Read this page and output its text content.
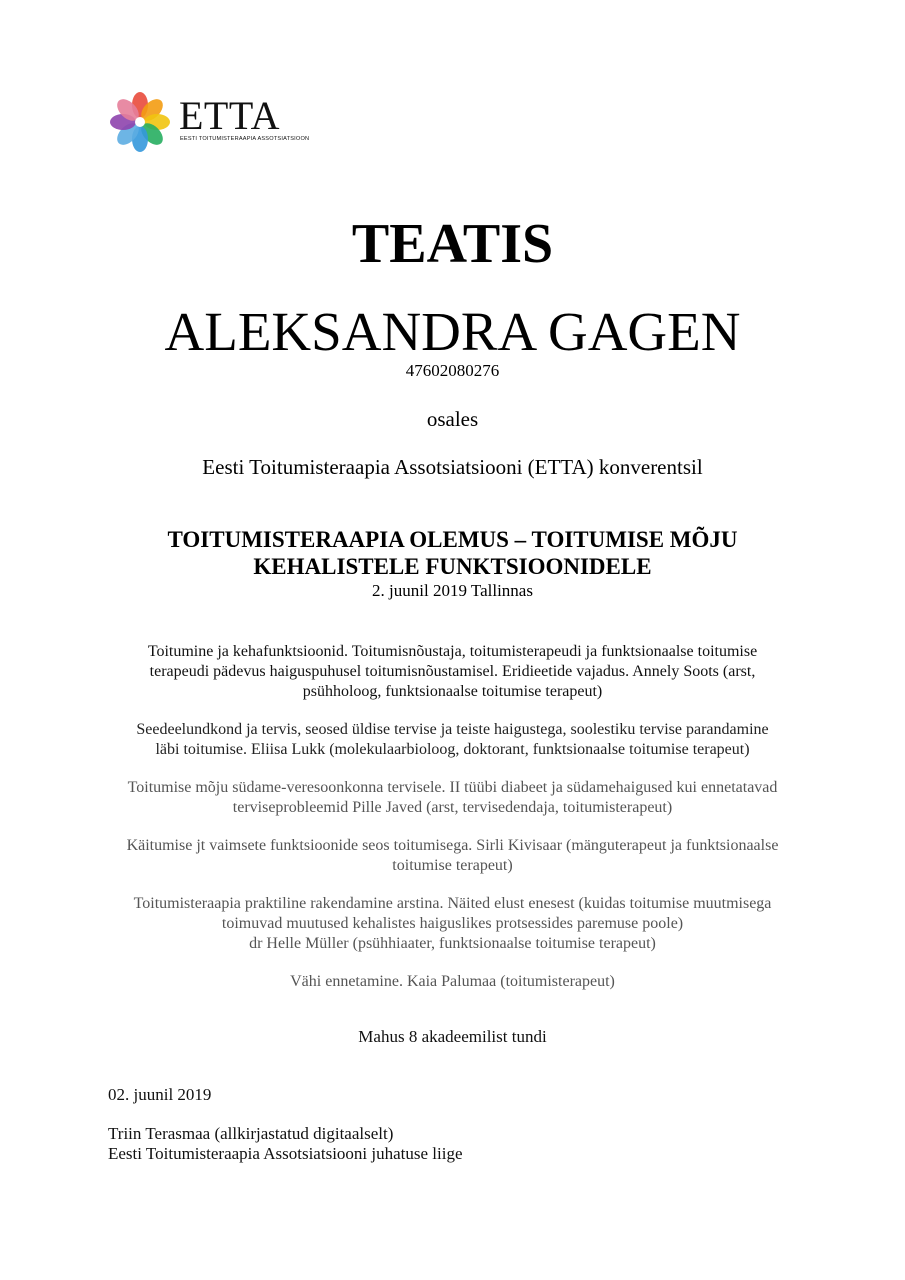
ETTA
EESTI TOITUMISTERAAPIA ASSOTSIATSIOON
TEATIS
ALEKSANDRA GAGEN
47602080276
osales
Eesti Toitumisteraapia Assotsiatsiooni (ETTA) konverentsil
TOITUMISTERAAPIA OLEMUS – TOITUMISE MÕJU
KEHALISTELE FUNKTSIOONIDELE
2. juunil 2019 Tallinnas

Toitumine ja kehafunktsioonid. Toitumisnõustaja, toitumisterapeudi ja funktsionaalse toitumise
terapeudi pädevus haiguspuhusel toitumisnõustamisel. Eridieetide vajadus. Annely Soots (arst,
psühholoog, funktsionaalse toitumise terapeut)

Seedeelundkond ja tervis, seosed üldise tervise ja teiste haigustega, soolestiku tervise parandamine
läbi toitumise. Eliisa Lukk (molekulaarbioloog, doktorant, funktsionaalse toitumise terapeut)

Toitumise mõju südame-veresoonkonna tervisele. II tüübi diabeet ja südamehaigused kui ennetatavad
terviseprobleemid Pille Javed (arst, tervisedendaja, toitumisterapeut)

Käitumise jt vaimsete funktsioonide seos toitumisega. Sirli Kivisaar (mänguterapeut ja funktsionaalse
toitumise terapeut)

Toitumisteraapia praktiline rakendamine arstina. Näited elust enesest (kuidas toitumise muutmisega
toimuvad muutused kehalistes haiguslikes protsessides paremuse poole)
dr Helle Müller (psühhiaater, funktsionaalse toitumise terapeut)

Vähi ennetamine. Kaia Palumaa (toitumisterapeut)

Mahus 8 akadeemilist tundi
02. juunil 2019
Triin Terasmaa (allkirjastatud digitaalselt)
Eesti Toitumisteraapia Assotsiatsiooni juhatuse liige
